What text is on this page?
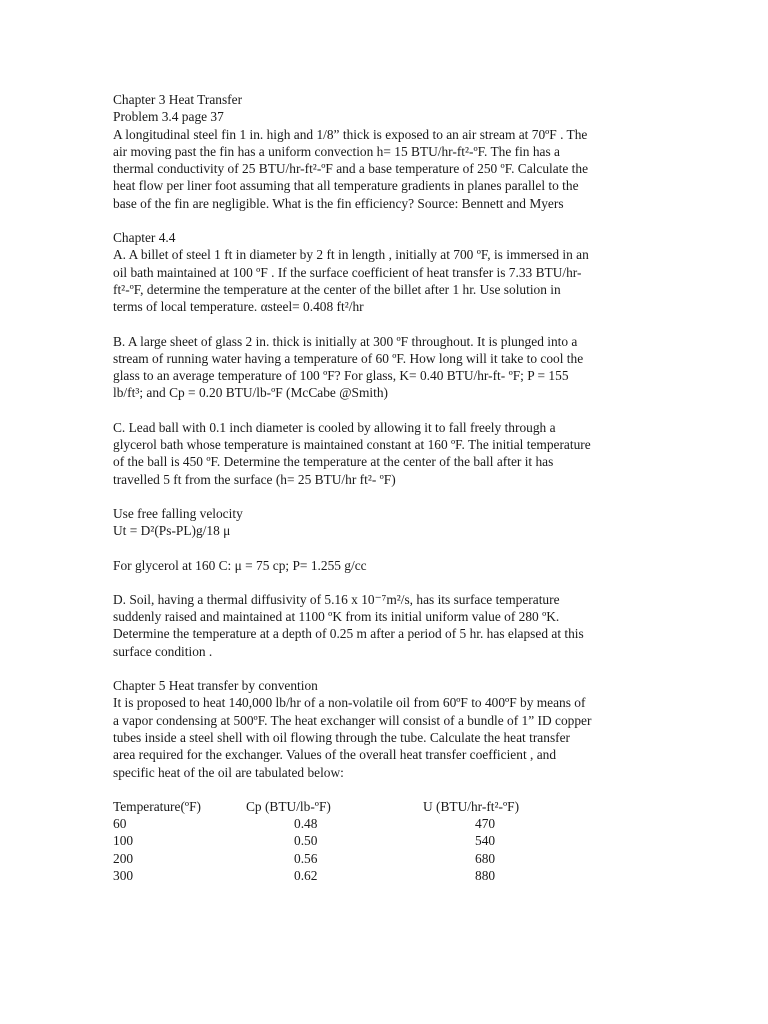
Chapter 3 Heat Transfer
Problem 3.4 page 37
A longitudinal steel fin 1 in. high and 1/8” thick is exposed to an air stream at 70ºF . The
air moving past the fin has a uniform convection h= 15 BTU/hr-ft²-ºF. The fin has a
thermal conductivity of 25 BTU/hr-ft²-ºF and a base temperature of 250 ºF. Calculate the
heat flow per liner foot assuming that all temperature gradients in planes parallel to the
base of the fin are negligible. What is the fin efficiency? Source: Bennett and Myers
Chapter 4.4
A. A billet of steel 1 ft in diameter by 2 ft in length , initially at 700 ºF, is immersed in an
oil bath maintained at 100 ºF . If the surface coefficient of heat transfer is 7.33 BTU/hr-
ft²-ºF, determine the temperature at the center of the billet after 1 hr. Use solution in
terms of local temperature. αsteel= 0.408 ft²/hr
B. A large sheet of glass 2 in. thick is initially at 300 ºF throughout. It is plunged into a
stream of running water having a temperature of 60 ºF. How long will it take to cool the
glass to an average temperature of 100 ºF? For glass, K= 0.40 BTU/hr-ft- ºF; P = 155
lb/ft³; and Cp = 0.20 BTU/lb-ºF (McCabe @Smith)
C. Lead ball with 0.1 inch diameter is cooled by allowing it to fall freely through a
glycerol bath whose temperature is maintained constant at 160 ºF. The initial temperature
of the ball is 450 ºF. Determine the temperature at the center of the ball after it has
travelled 5 ft from the surface (h= 25 BTU/hr ft²- ºF)
Use free falling velocity
Ut = D²(Ps-PL)g/18 μ
For glycerol at 160 C: μ = 75 cp; P= 1.255 g/cc
D. Soil, having a thermal diffusivity of 5.16 x 10⁻⁷m²/s, has its surface temperature
suddenly raised and maintained at 1100 ºK from its initial uniform value of 280 ºK.
Determine the temperature at a depth of 0.25 m after a period of 5 hr. has elapsed at this
surface condition .
Chapter 5 Heat transfer by convention
It is proposed to heat 140,000 lb/hr of a non-volatile oil from 60ºF to 400ºF by means of
a vapor condensing at 500ºF. The heat exchanger will consist of a bundle of 1” ID copper
tubes inside a steel shell with oil flowing through the tube. Calculate the heat transfer
area required for the exchanger. Values of the overall heat transfer coefficient , and
specific heat of the oil are tabulated below:
Temperature(ºF)	Cp (BTU/lb-ºF)	U (BTU/hr-ft²-ºF)
60	0.48	470
100	0.50	540
200	0.56	680
300	0.62	880
